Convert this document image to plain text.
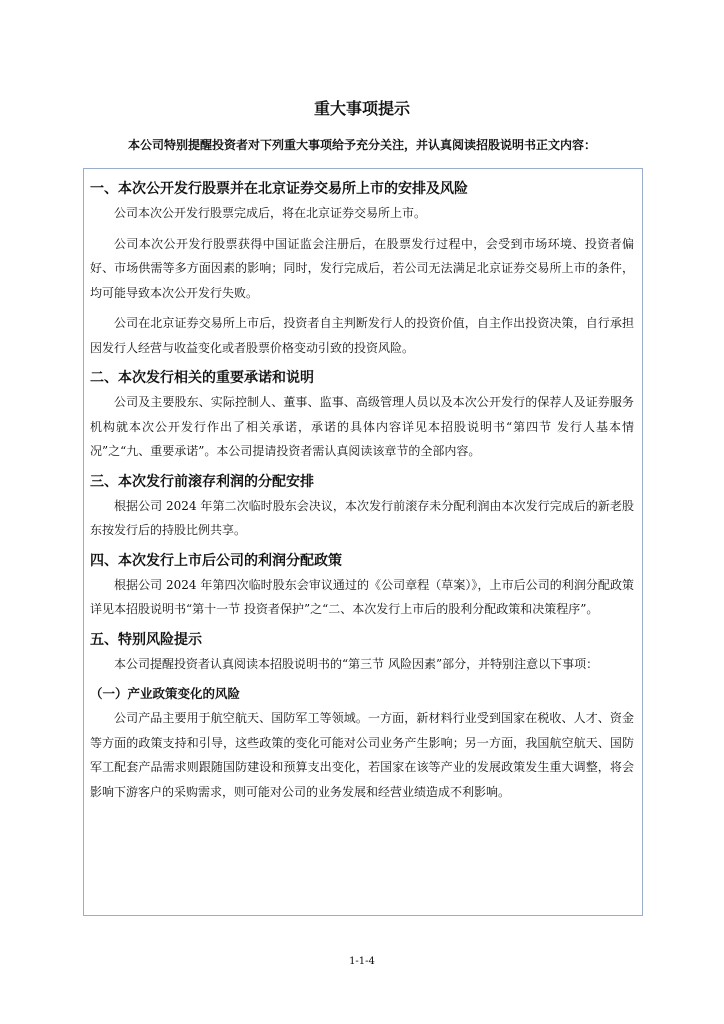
重大事项提示
本公司特别提醒投资者对下列重大事项给予充分关注，并认真阅读招股说明书正文内容：
一、本次公开发行股票并在北京证券交易所上市的安排及风险

公司本次公开发行股票完成后，将在北京证券交易所上市。

公司本次公开发行股票获得中国证监会注册后，在股票发行过程中，会受到市场环境、投资者偏好、市场供需等多方面因素的影响；同时，发行完成后，若公司无法满足北京证券交易所上市的条件，均可能导致本次公开发行失败。

公司在北京证券交易所上市后，投资者自主判断发行人的投资价值，自主作出投资决策，自行承担因发行人经营与收益变化或者股票价格变动引致的投资风险。

二、本次发行相关的重要承诺和说明

公司及主要股东、实际控制人、董事、监事、高级管理人员以及本次公开发行的保荐人及证券服务机构就本次公开发行作出了相关承诺，承诺的具体内容详见本招股说明书“第四节 发行人基本情况”之“九、重要承诺”。本公司提请投资者需认真阅读该章节的全部内容。

三、本次发行前滚存利润的分配安排

根据公司 2024 年第二次临时股东会决议，本次发行前滚存未分配利润由本次发行完成后的新老股东按发行后的持股比例共享。

四、本次发行上市后公司的利润分配政策

根据公司 2024 年第四次临时股东会审议通过的《公司章程（草案）》，上市后公司的利润分配政策详见本招股说明书“第十一节 投资者保护”之“二、本次发行上市后的股利分配政策和决策程序”。

五、特别风险提示

本公司提醒投资者认真阅读本招股说明书的“第三节 风险因素”部分，并特别注意以下事项：

（一）产业政策变化的风险

公司产品主要用于航空航天、国防军工等领域。一方面，新材料行业受到国家在税收、人才、资金等方面的政策支持和引导，这些政策的变化可能对公司业务产生影响；另一方面，我国航空航天、国防军工配套产品需求则跟随国防建设和预算支出变化，若国家在该等产业的发展政策发生重大调整，将会影响下游客户的采购需求，则可能对公司的业务发展和经营业绩造成不利影响。

1-1-4
